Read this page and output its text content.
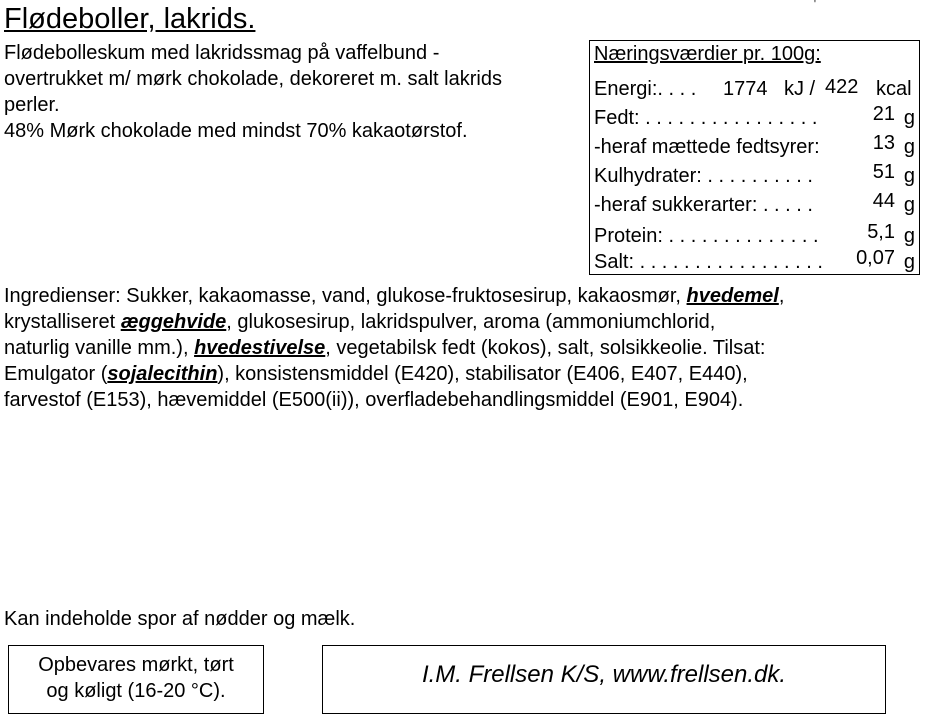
Flødeboller, lakrids.	'
Flødebolleskum med lakridssmag på vaffelbund -
overtrukket m/ mørk chokolade, dekoreret m. salt lakrids
perler.
48% Mørk chokolade med mindst 70% kakaotørstof.
Næringsværdier pr. 100g:
Energi:. . . . 1774 kJ / 422 kcal
Fedt: . . . . . . . . . . . . . . . .	21 g
-heraf mættede fedtsyrer:	13 g
Kulhydrater: . . . . . . . . . .	51 g
-heraf sukkerarter: . . . . .	44 g
Protein: . . . . . . . . . . . . . . 5,1 g
Salt: . . . . . . . . . . . . . . . . . 0,07 g
Ingredienser: Sukker, kakaomasse, vand, glukose-fruktosesirup, kakaosmør, hvedemel,
krystalliseret æggehvide, glukosesirup, lakridspulver, aroma (ammoniumchlorid,
naturlig vanille mm.), hvedestivelse, vegetabilsk fedt (kokos), salt, solsikkeolie. Tilsat:
Emulgator (sojalecithin), konsistensmiddel (E420), stabilisator (E406, E407, E440),
farvestof (E153), hævemiddel (E500(ii)), overfladebehandlingsmiddel (E901, E904).
Kan indeholde spor af nødder og mælk.
Opbevares mørkt, tørt
og køligt (16-20 °C).
I.M. Frellsen K/S, www.frellsen.dk.
